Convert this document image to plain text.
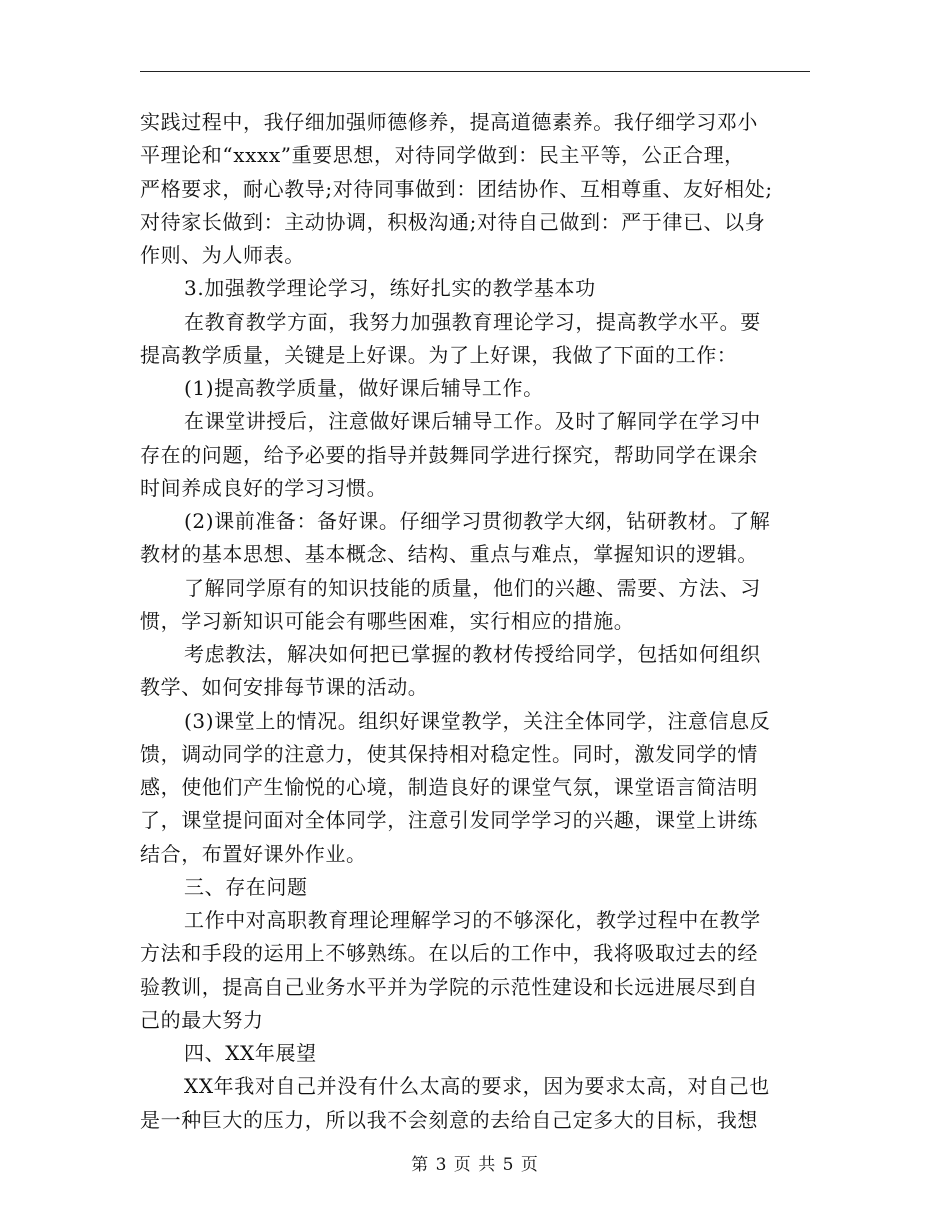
实践过程中，我仔细加强师德修养，提高道德素养。我仔细学习邓小
平理论和“xxxx”重要思想，对待同学做到：民主平等，公正合理，
严格要求，耐心教导;对待同事做到：团结协作、互相尊重、友好相处;
对待家长做到：主动协调，积极沟通;对待自己做到：严于律已、以身
作则、为人师表。
3.加强教学理论学习，练好扎实的教学基本功
在教育教学方面，我努力加强教育理论学习，提高教学水平。要
提高教学质量，关键是上好课。为了上好课，我做了下面的工作：
(1)提高教学质量，做好课后辅导工作。
在课堂讲授后，注意做好课后辅导工作。及时了解同学在学习中
存在的问题，给予必要的指导并鼓舞同学进行探究，帮助同学在课余
时间养成良好的学习习惯。
(2)课前准备：备好课。仔细学习贯彻教学大纲，钻研教材。了解
教材的基本思想、基本概念、结构、重点与难点，掌握知识的逻辑。
了解同学原有的知识技能的质量，他们的兴趣、需要、方法、习
惯，学习新知识可能会有哪些困难，实行相应的措施。
考虑教法，解决如何把已掌握的教材传授给同学，包括如何组织
教学、如何安排每节课的活动。
(3)课堂上的情况。组织好课堂教学，关注全体同学，注意信息反
馈，调动同学的注意力，使其保持相对稳定性。同时，激发同学的情
感，使他们产生愉悦的心境，制造良好的课堂气氛，课堂语言简洁明
了，课堂提问面对全体同学，注意引发同学学习的兴趣，课堂上讲练
结合，布置好课外作业。
三、存在问题
工作中对高职教育理论理解学习的不够深化，教学过程中在教学
方法和手段的运用上不够熟练。在以后的工作中，我将吸取过去的经
验教训，提高自己业务水平并为学院的示范性建设和长远进展尽到自
己的最大努力
四、XX年展望
XX年我对自己并没有什么太高的要求，因为要求太高，对自己也
是一种巨大的压力，所以我不会刻意的去给自己定多大的目标，我想
第 3 页 共 5 页
